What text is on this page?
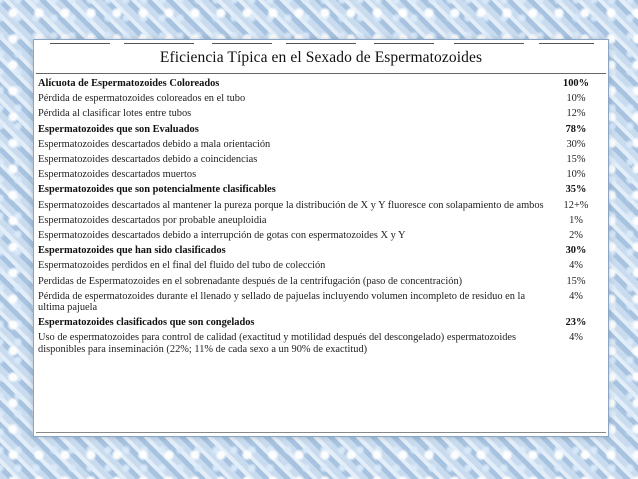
Eficiencia Típica en el Sexado de Espermatozoides
Alícuota de Espermatozoides Coloreados	100%
Pérdida de espermatozoides coloreados en el tubo	10%
Pérdida al clasificar lotes entre tubos	12%
Espermatozoides que son Evaluados	78%
Espermatozoides descartados debido a mala orientación	30%
Espermatozoides descartados debido a coincidencias	15%
Espermatozoides descartados muertos	10%
Espermatozoides que son potencialmente clasificables	35%
Espermatozoides descartados al mantener la pureza porque la distribución de X y Y fluoresce con solapamiento de ambos	12+%
Espermatozoides descartados por probable aneuploidia	1%
Espermatozoides descartados debido a interrupción de gotas con espermatozoides X y Y	2%
Espermatozoides que han sido clasificados	30%
Espermatozoides perdidos en el final del fluido del tubo de colección	4%
Perdidas de Espermatozoides en el sobrenadante después de la centrifugación (paso de concentración)	15%
Pérdida de espermatozoides durante el llenado y sellado de pajuelas incluyendo volumen incompleto de residuo en la ultima pajuela	4%
Espermatozoides clasificados que son congelados	23%
Uso de espermatozoides para control de calidad (exactitud y motilidad después del descongelado) espermatozoides disponibles para inseminación (22%; 11% de cada sexo a un 90% de exactitud)	4%
